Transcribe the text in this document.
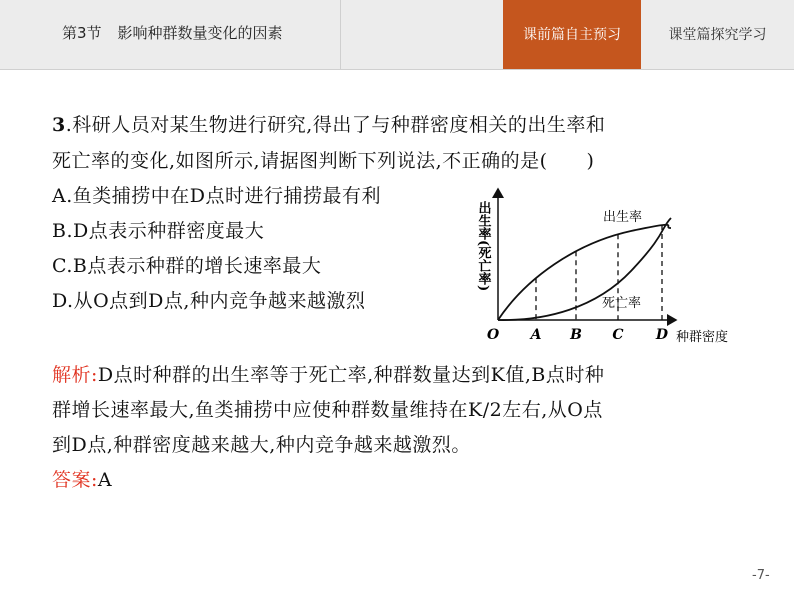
第3节 影响种群数量变化的因素	课前篇自主预习	课堂篇探究学习
3.科研人员对某生物进行研究,得出了与种群密度相关的出生率和
死亡率的变化,如图所示,请据图判断下列说法,不正确的是(　　)
A.鱼类捕捞中在D点时进行捕捞最有利
B.D点表示种群密度最大
C.B点表示种群的增长速率最大
D.从O点到D点,种内竞争越来越激烈
出生率(死亡率)	出生率
死亡率
O A B C D 种群密度
解析:D点时种群的出生率等于死亡率,种群数量达到K值,B点时种
群增长速率最大,鱼类捕捞中应使种群数量维持在K/2左右,从O点
到D点,种群密度越来越大,种内竞争越来越激烈。
答案:A
-7-
